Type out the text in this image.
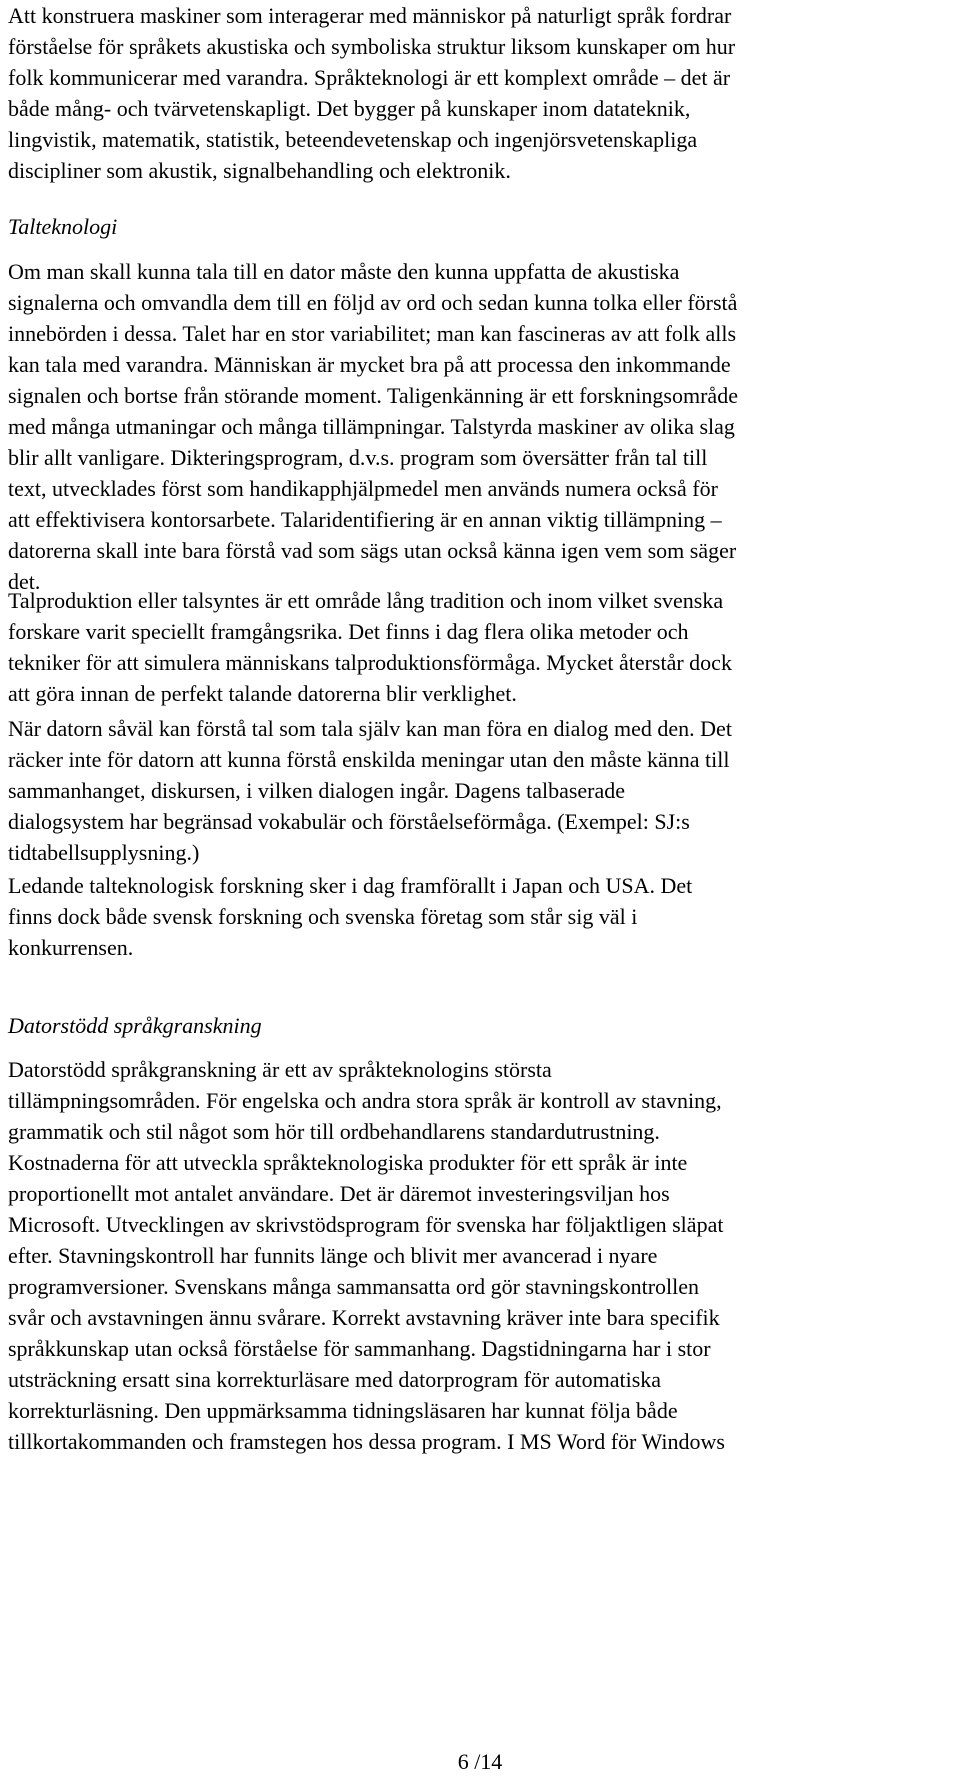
Att konstruera maskiner som interagerar med människor på naturligt språk fordrar
förståelse för språkets akustiska och symboliska struktur liksom kunskaper om hur
folk kommunicerar med varandra. Språkteknologi är ett komplext område – det är
både mång- och tvärvetenskapligt. Det bygger på kunskaper inom datateknik,
lingvistik, matematik, statistik, beteendevetenskap och ingenjörsvetenskapliga
discipliner som akustik, signalbehandling och elektronik.
Talteknologi
Om man skall kunna tala till en dator måste den kunna uppfatta de akustiska
signalerna och omvandla dem till en följd av ord och sedan kunna tolka eller förstå
innebörden i dessa. Talet har en stor variabilitet; man kan fascineras av att folk alls
kan tala med varandra. Människan är mycket bra på att processa den inkommande
signalen och bortse från störande moment. Taligenkänning är ett forskningsområde
med många utmaningar och många tillämpningar. Talstyrda maskiner av olika slag
blir allt vanligare. Dikteringsprogram, d.v.s. program som översätter från tal till
text, utvecklades först som handikapphjälpmedel men används numera också för
att effektivisera kontorsarbete. Talaridentifiering är en annan viktig tillämpning –
datorerna skall inte bara förstå vad som sägs utan också känna igen vem som säger
det.
Talproduktion eller talsyntes är ett område lång tradition och inom vilket svenska
forskare varit speciellt framgångsrika. Det finns i dag flera olika metoder och
tekniker för att simulera människans talproduktionsförmåga. Mycket återstår dock
att göra innan de perfekt talande datorerna blir verklighet.
När datorn såväl kan förstå tal som tala själv kan man föra en dialog med den. Det
räcker inte för datorn att kunna förstå enskilda meningar utan den måste känna till
sammanhanget, diskursen, i vilken dialogen ingår. Dagens talbaserade
dialogsystem har begränsad vokabulär och förståelseförmåga. (Exempel: SJ:s
tidtabellsupplysning.)
Ledande talteknologisk forskning sker i dag framförallt i Japan och USA. Det
finns dock både svensk forskning och svenska företag som står sig väl i
konkurrensen.
Datorstödd språkgranskning
Datorstödd språkgranskning är ett av språkteknologins största
tillämpningsområden. För engelska och andra stora språk är kontroll av stavning,
grammatik och stil något som hör till ordbehandlarens standardutrustning.
Kostnaderna för att utveckla språkteknologiska produkter för ett språk är inte
proportionellt mot antalet användare. Det är däremot investeringsviljan hos
Microsoft. Utvecklingen av skrivstödsprogram för svenska har följaktligen släpat
efter. Stavningskontroll har funnits länge och blivit mer avancerad i nyare
programversioner. Svenskans många sammansatta ord gör stavningskontrollen
svår och avstavningen ännu svårare. Korrekt avstavning kräver inte bara specifik
språkkunskap utan också förståelse för sammanhang. Dagstidningarna har i stor
utsträckning ersatt sina korrekturläsare med datorprogram för automatiska
korrekturläsning. Den uppmärksamma tidningsläsaren har kunnat följa både
tillkortakommanden och framstegen hos dessa program. I MS Word för Windows
6 /14
